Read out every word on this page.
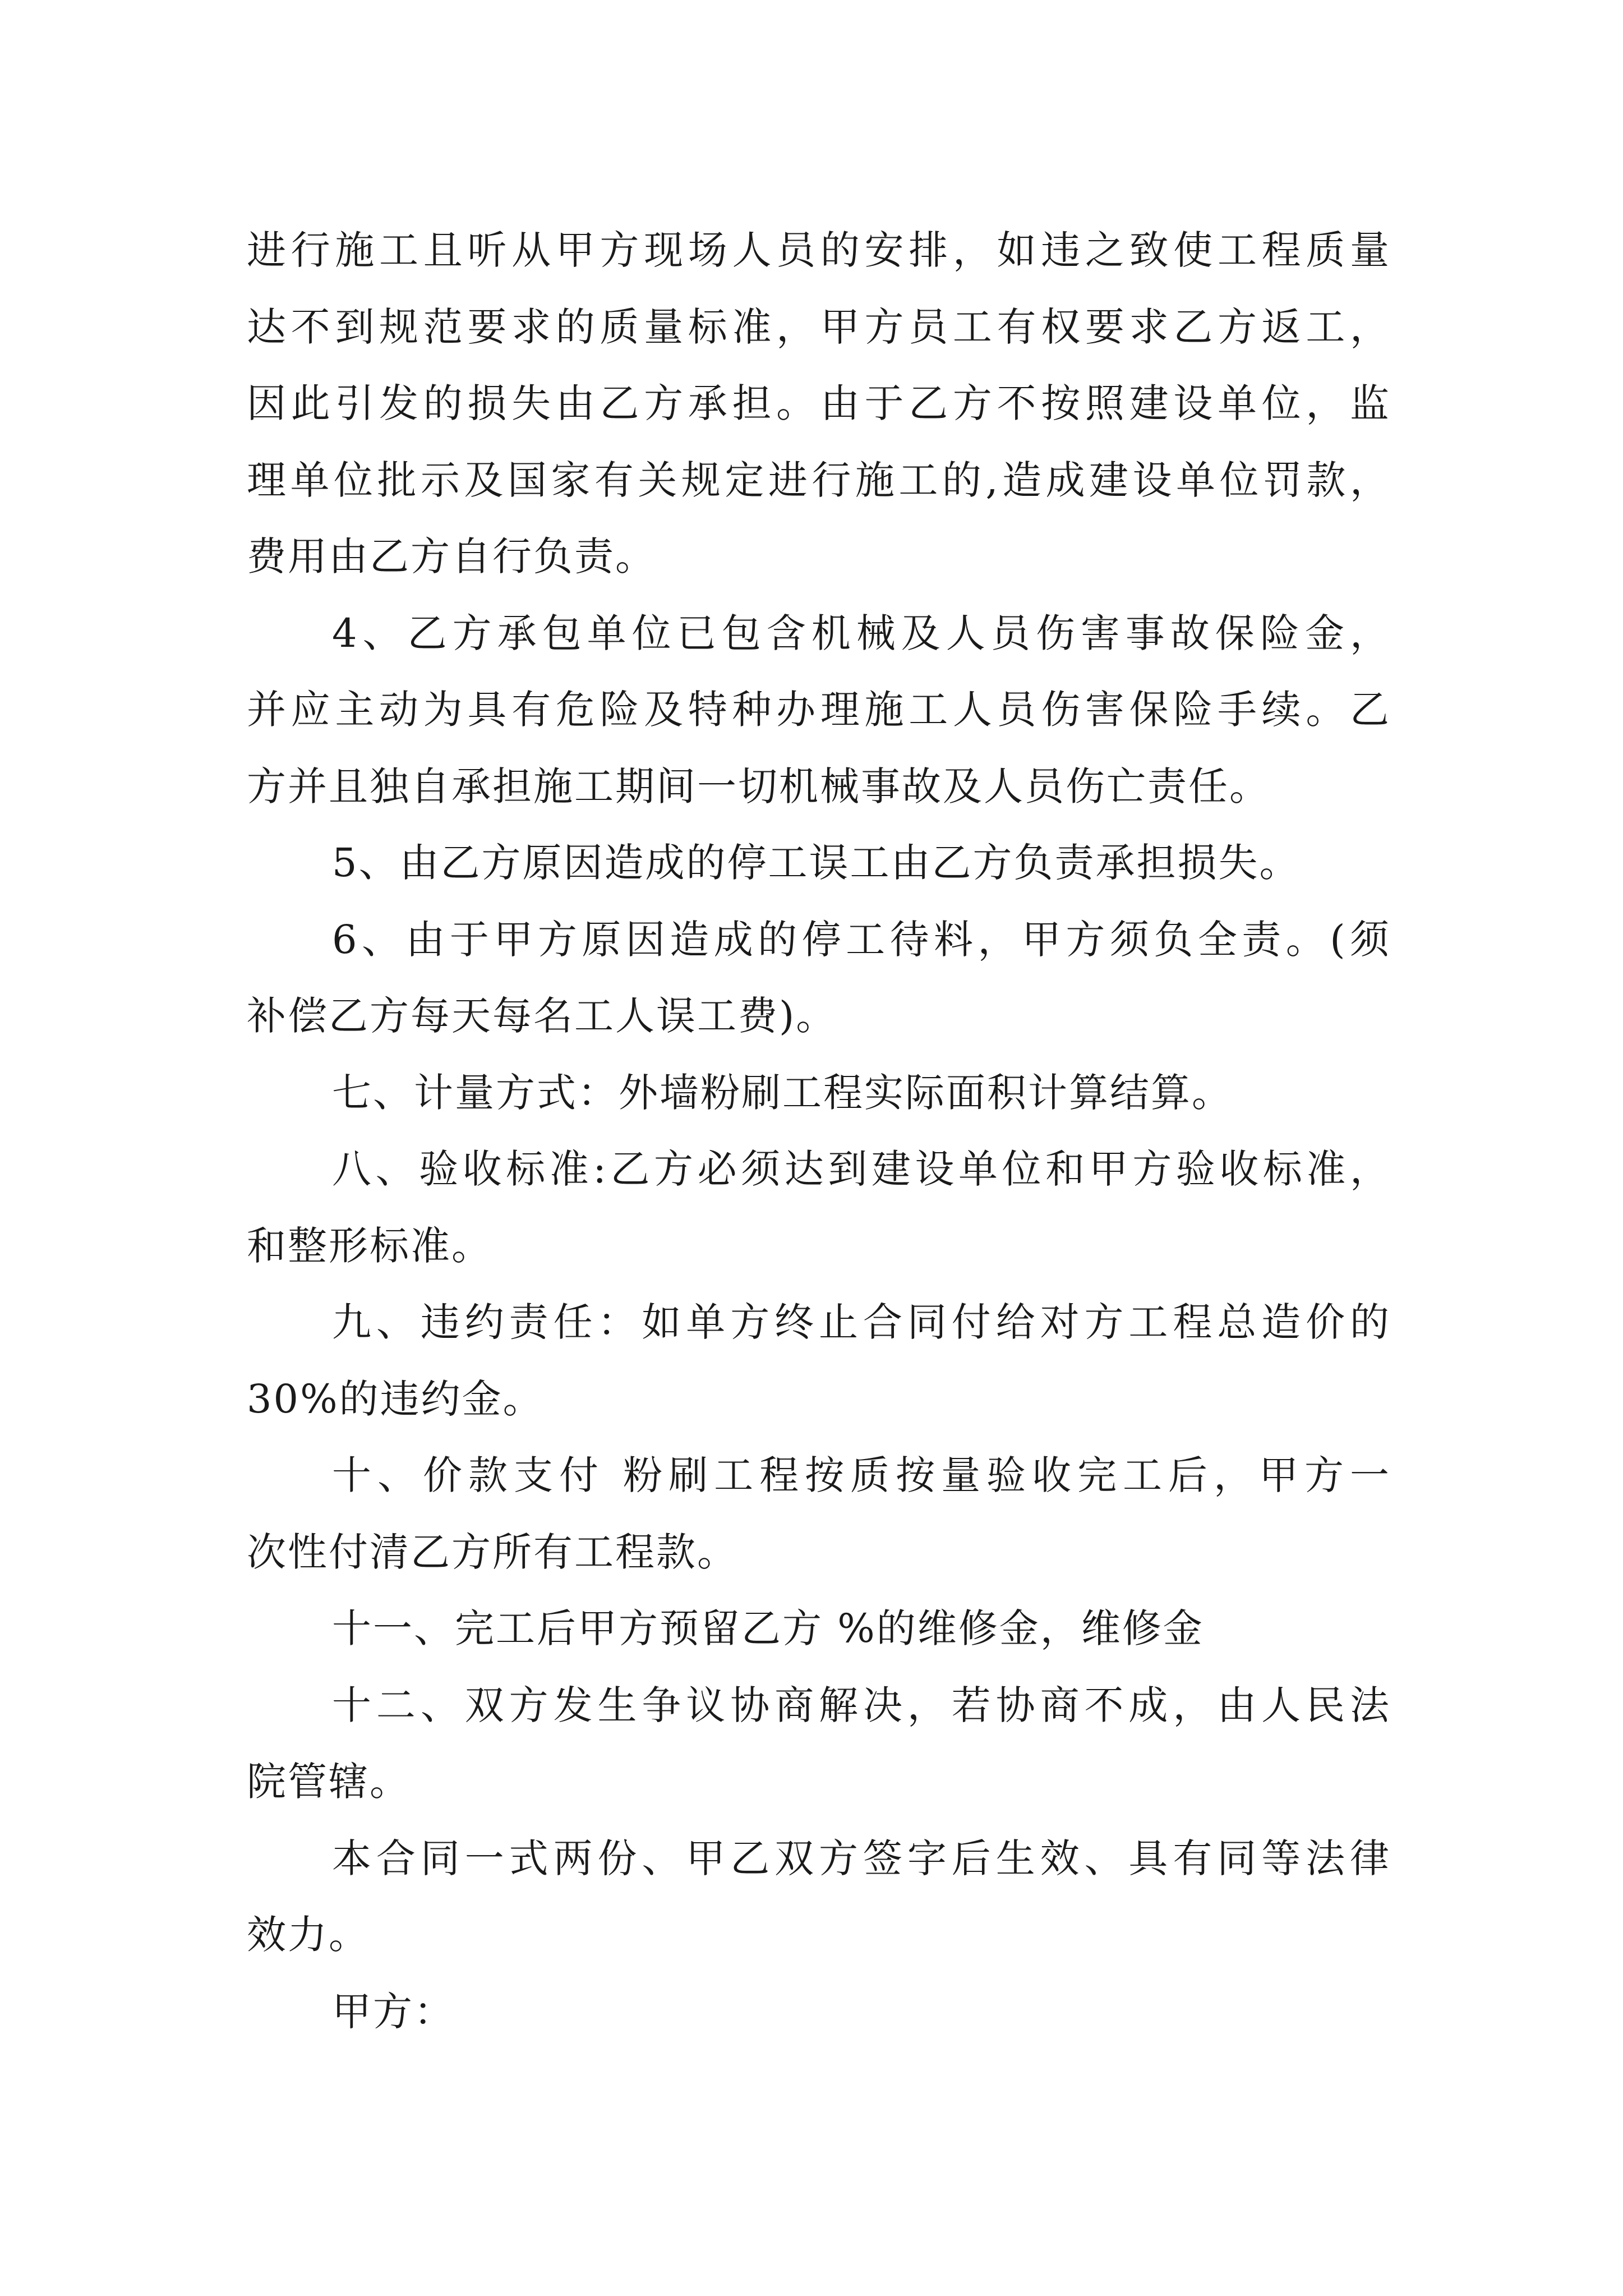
进行施工且听从甲方现场人员的安排，如违之致使工程质量
达不到规范要求的质量标准，甲方员工有权要求乙方返工，
因此引发的损失由乙方承担。由于乙方不按照建设单位，监
理单位批示及国家有关规定进行施工的,造成建设单位罚款，
费用由乙方自行负责。
4、乙方承包单位已包含机械及人员伤害事故保险金，
并应主动为具有危险及特种办理施工人员伤害保险手续。乙
方并且独自承担施工期间一切机械事故及人员伤亡责任。
5、由乙方原因造成的停工误工由乙方负责承担损失。
6、由于甲方原因造成的停工待料，甲方须负全责。(须
补偿乙方每天每名工人误工费)。
七、计量方式：外墙粉刷工程实际面积计算结算。
八、验收标准:乙方必须达到建设单位和甲方验收标准，
和整形标准。
九、违约责任：如单方终止合同付给对方工程总造价的
30%的违约金。
十、价款支付 粉刷工程按质按量验收完工后，甲方一
次性付清乙方所有工程款。
十一、完工后甲方预留乙方 %的维修金，维修金
十二、双方发生争议协商解决，若协商不成，由人民法
院管辖。
本合同一式两份、甲乙双方签字后生效、具有同等法律
效力。
甲方：
